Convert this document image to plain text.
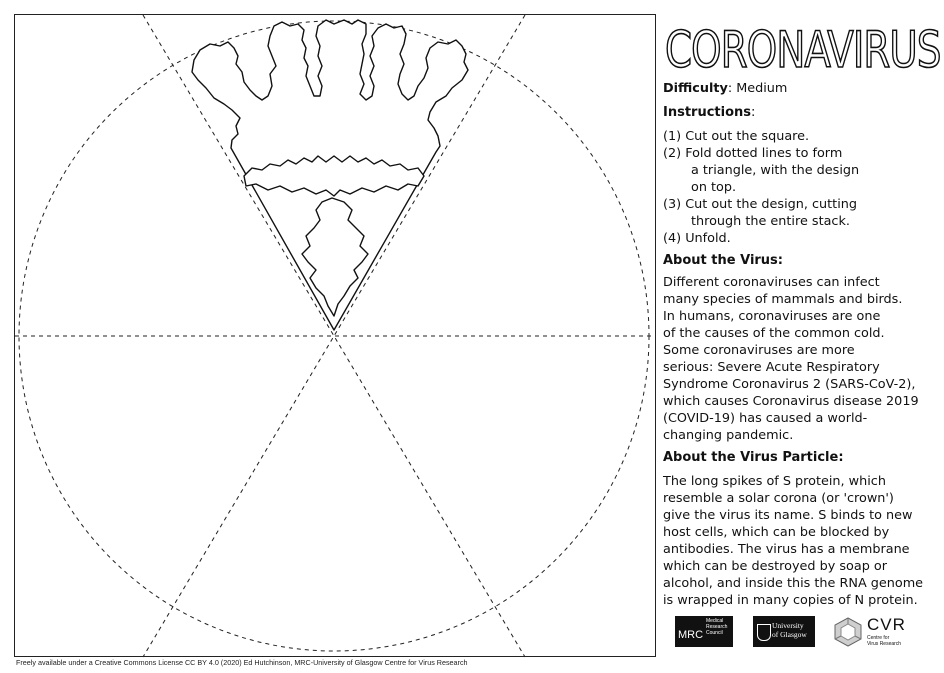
CORONAVIRUS
Difficulty: Medium
Instructions:
(1) Cut out the square.
(2) Fold dotted lines to form
a triangle, with the design
on top.
(3) Cut out the design, cutting
through the entire stack.
(4) Unfold.
About the Virus:

Different coronaviruses can infect

many species of mammals and birds.

In humans, coronaviruses are one

of the causes of the common cold.

Some coronaviruses are more

serious: Severe Acute Respiratory

Syndrome Coronavirus 2 (SARS-CoV-2),

which causes Coronavirus disease 2019

(COVID-19) has caused a world-

changing pandemic.

About the Virus Particle:

The long spikes of S protein, which

resemble a solar corona (or 'crown')

give the virus its name. S binds to new

host cells, which can be blocked by

antibodies. The virus has a membrane

which can be destroyed by soap or

alcohol, and inside this the RNA genome

is wrapped in many copies of N protein.

MRC
Medical
Research
Council
University
of Glasgow
CVR
Centre for
Virus Research
Freely available under a Creative Commons License CC BY 4.0 (2020) Ed Hutchinson, MRC-University of Glasgow Centre for Virus Research
